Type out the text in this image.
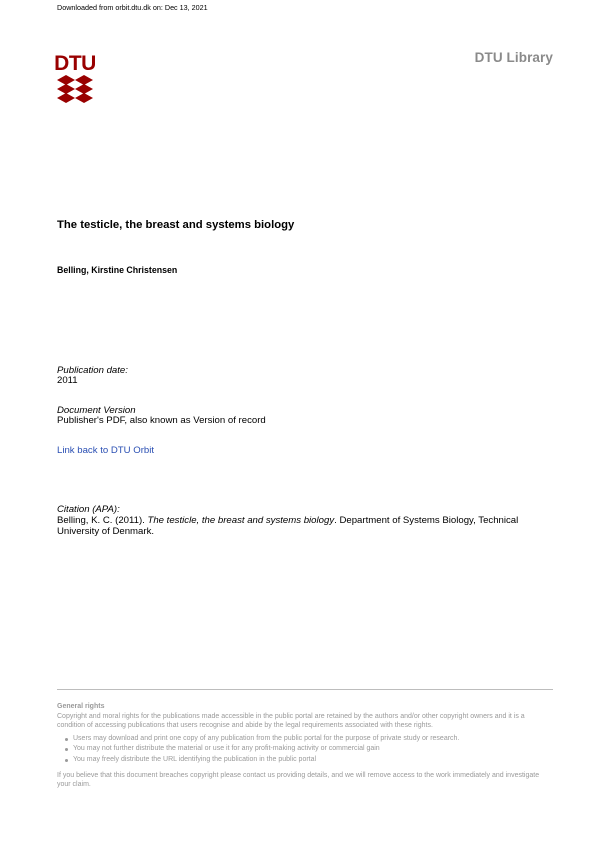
Downloaded from orbit.dtu.dk on: Dec 13, 2021
DTU	DTU Library
The testicle, the breast and systems biology
Belling, Kirstine Christensen
Publication date:
2011
Document Version
Publisher's PDF, also known as Version of record
Link back to DTU Orbit
Citation (APA):
Belling, K. C. (2011). The testicle, the breast and systems biology. Department of Systems Biology, Technical University of Denmark.
General rights
Copyright and moral rights for the publications made accessible in the public portal are retained by the authors and/or other copyright owners and it is a condition of accessing publications that users recognise and abide by the legal requirements associated with these rights.
Users may download and print one copy of any publication from the public portal for the purpose of private study or research.
You may not further distribute the material or use it for any profit-making activity or commercial gain
You may freely distribute the URL identifying the publication in the public portal
If you believe that this document breaches copyright please contact us providing details, and we will remove access to the work immediately and investigate your claim.
